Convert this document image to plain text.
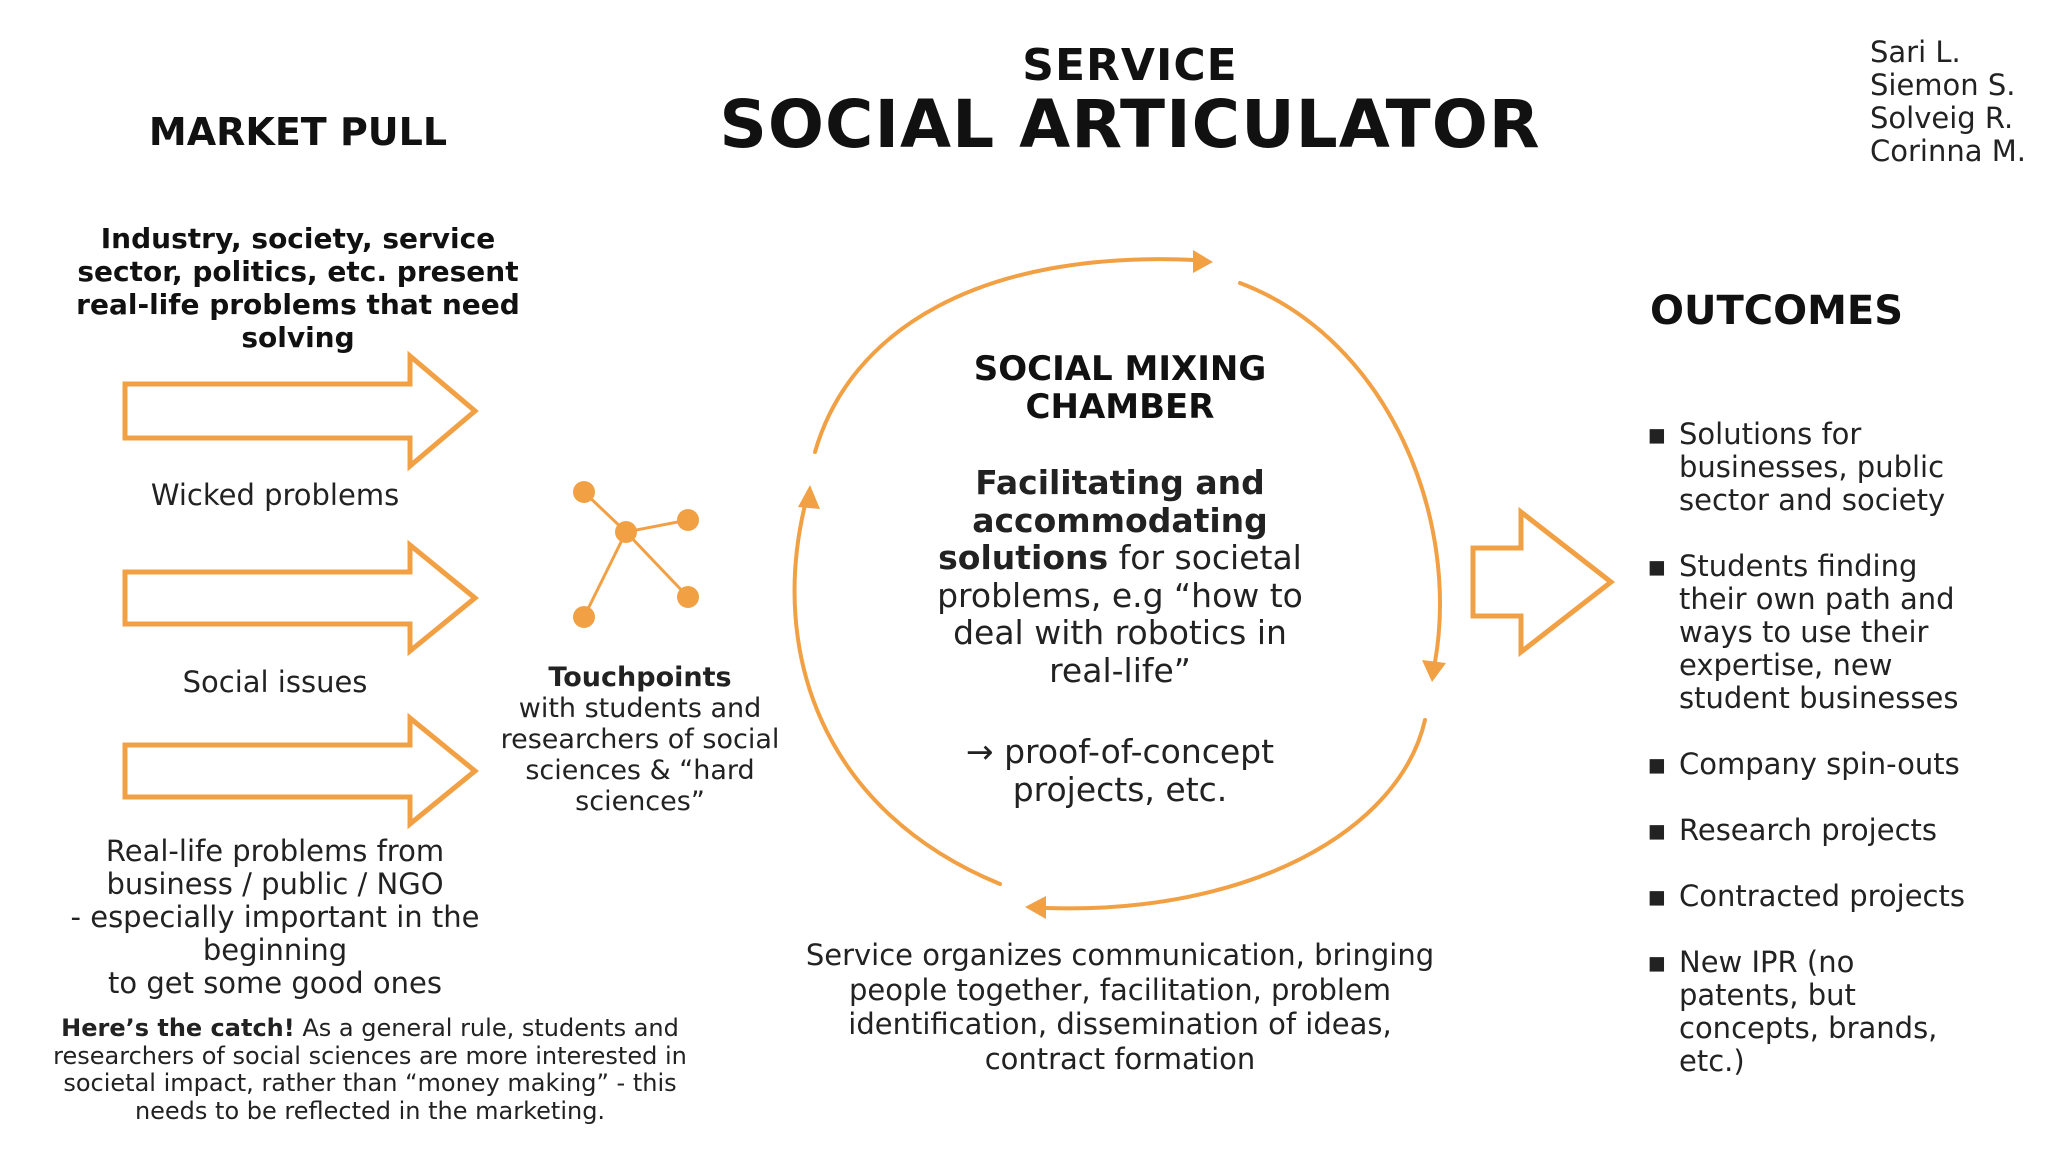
SERVICE
SOCIAL ARTICULATOR
Sari L.
Siemon S.
Solveig R.
Corinna M.
MARKET PULL
Industry, society, service sector, politics, etc. present real-life problems that need solving
Wicked problems
Social issues
Real-life problems from
business / public / NGO
- especially important in the beginning
to get some good ones
Here’s the catch! As a general rule, students and researchers of social sciences are more interested in societal impact, rather than “money making” - this needs to be reflected in the marketing.
Touchpoints
with students and researchers of social sciences & “hard sciences”
SOCIAL MIXING CHAMBER
Facilitating and accommodating solutions for societal problems, e.g “how to deal with robotics in real-life”
→ proof-of-concept projects, etc.
Service organizes communication, bringing people together, facilitation, problem identification, dissemination of ideas, contract formation
OUTCOMES
▪ Solutions for businesses, public sector and society
▪ Students finding their own path and ways to use their expertise, new student businesses
▪ Company spin-outs
▪ Research projects
▪ Contracted projects
▪ New IPR (no patents, but concepts, brands, etc.)
